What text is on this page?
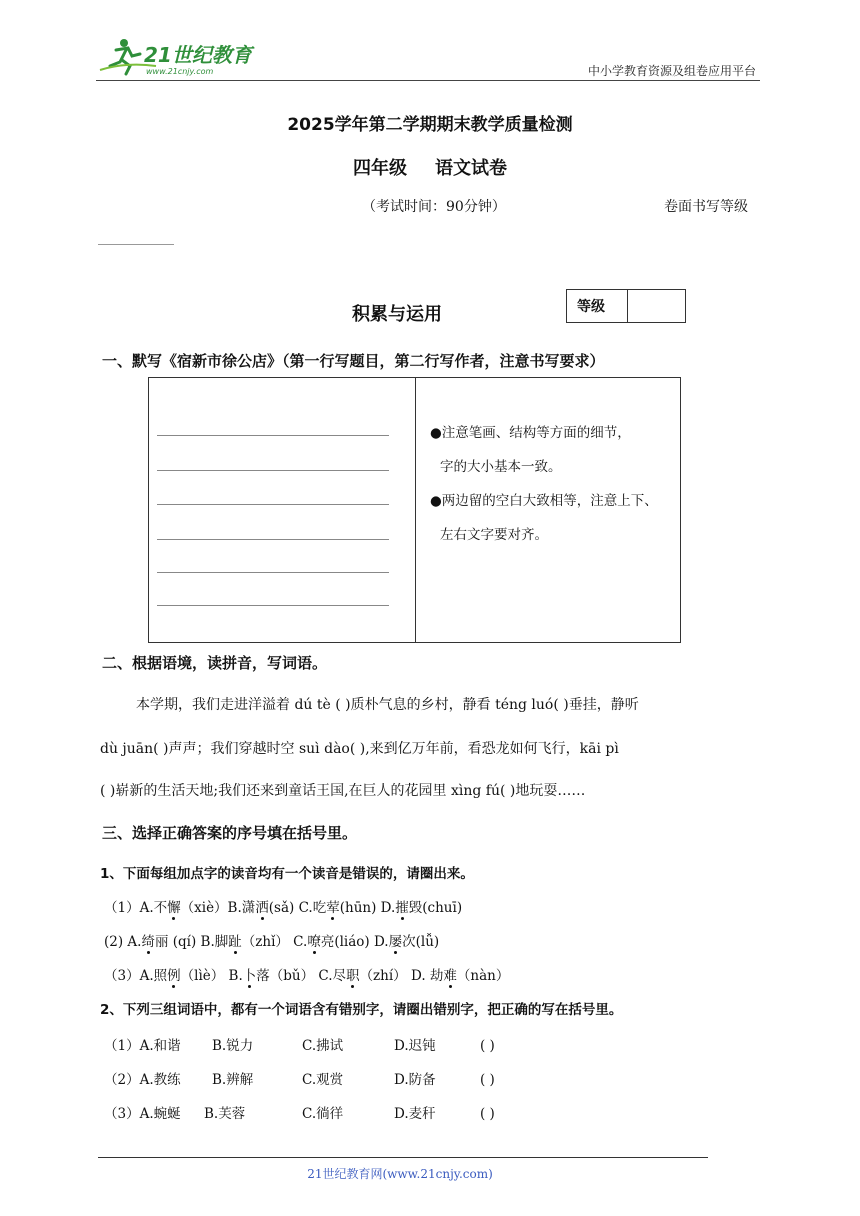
21世纪教育
www.21cnjy.com	中小学教育资源及组卷应用平台
2025学年第二学期期末教学质量检测
四年级 语文试卷
（考试时间：90分钟）	卷面书写等级
积累与运用	等级
一、默写《宿新市徐公店》（第一行写题目，第二行写作者，注意书写要求）
●注意笔画、结构等方面的细节，
字的大小基本一致。
●两边留的空白大致相等，注意上下、
左右文字要对齐。
二、根据语境，读拼音，写词语。
本学期，我们走进洋溢着 dú tè ( )质朴气息的乡村，静看 téng luó( )垂挂，静听
dù juān( )声声；我们穿越时空 suì dào( ),来到亿万年前，看恐龙如何飞行，kāi pì
( )崭新的生活天地;我们还来到童话王国,在巨人的花园里 xìng fú( )地玩耍……
三、选择正确答案的序号填在括号里。
1、下面每组加点字的读音均有一个读音是错误的，请圈出来。
（1）A.不懈（xiè）B.潇洒(sǎ) C.吃荤(hūn) D.摧毁(chuī)
(2) A.绮丽 (qí) B.脚趾（zhǐ） C.嘹亮(liáo) D.屡次(lǚ)
（3）A.照例（lìè） B.卜落（bǔ） C.尽职（zhí） D. 劫难（nàn）
2、下列三组词语中，都有一个词语含有错别字，请圈出错别字，把正确的写在括号里。
（1）A.和谐 B.锐力	C.拂试	D.迟钝	( )
（2）A.教练 B.辨解	C.观赏	D.防备	( )
（3）A.蜿蜒 B.芙蓉	C.徜徉	D.麦秆	( )
21世纪教育网(www.21cnjy.com)
